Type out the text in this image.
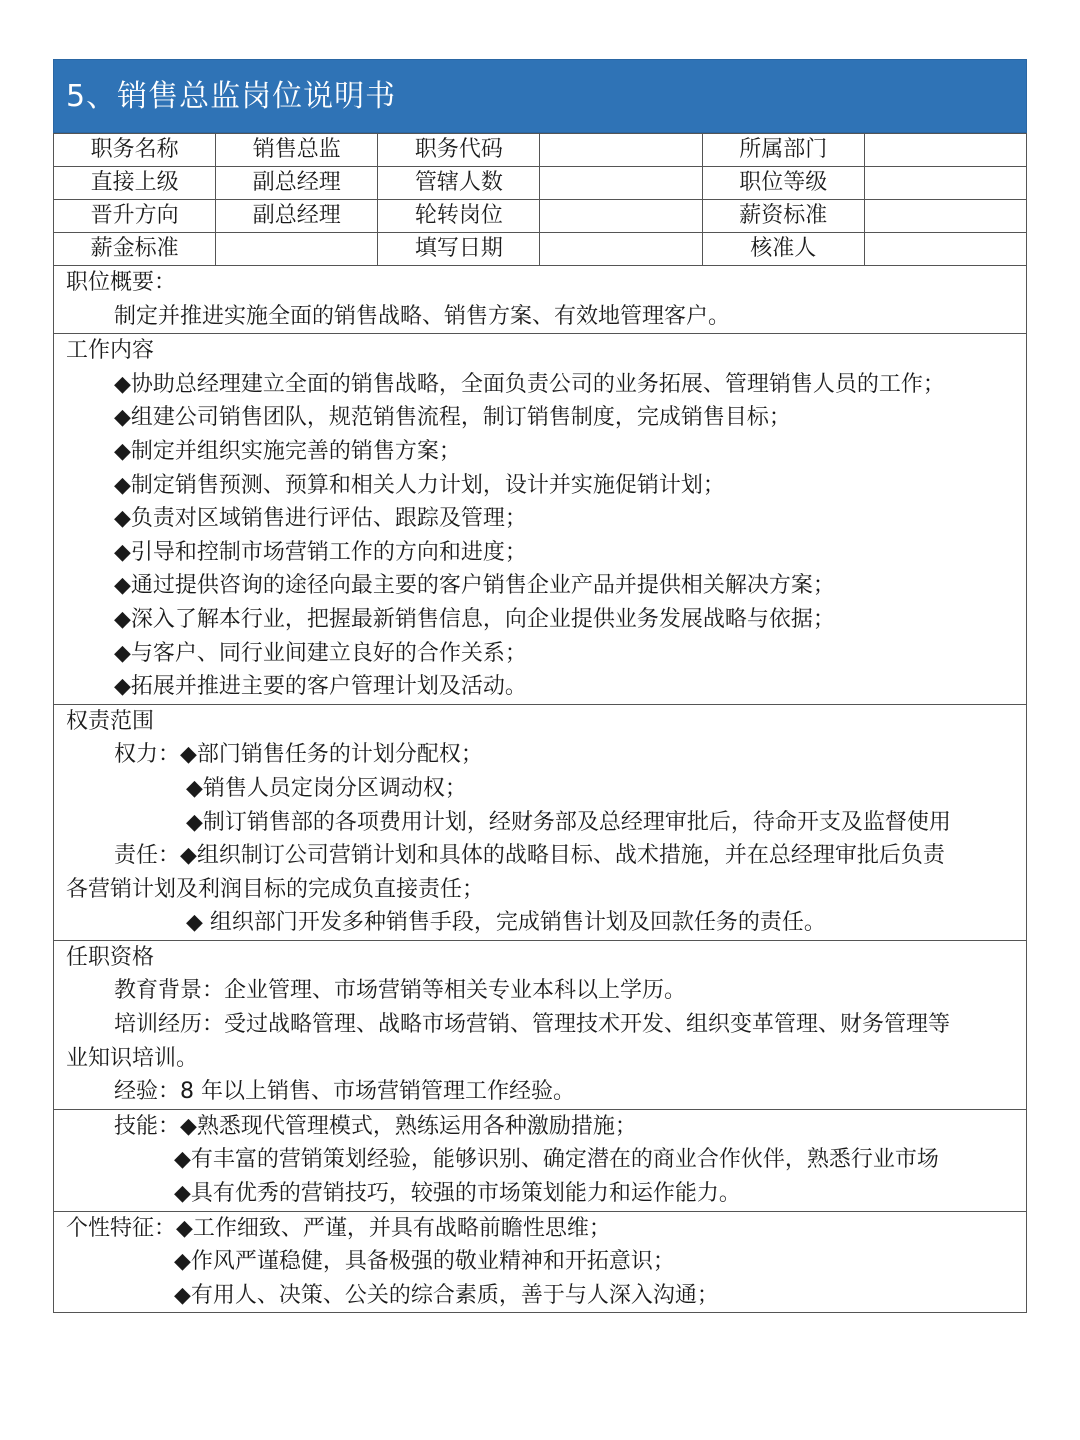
5、销售总监岗位说明书
职务名称	销售总监	职务代码		所属部门	
直接上级	副总经理	管辖人数		职位等级	
晋升方向	副总经理	轮转岗位		薪资标准	
薪金标准		填写日期		核准人	
职位概要：
制定并推进实施全面的销售战略、销售方案、有效地管理客户。
工作内容
◆协助总经理建立全面的销售战略，全面负责公司的业务拓展、管理销售人员的工作；
◆组建公司销售团队，规范销售流程，制订销售制度，完成销售目标；
◆制定并组织实施完善的销售方案；
◆制定销售预测、预算和相关人力计划，设计并实施促销计划；
◆负责对区域销售进行评估、跟踪及管理；
◆引导和控制市场营销工作的方向和进度；
◆通过提供咨询的途径向最主要的客户销售企业产品并提供相关解决方案；
◆深入了解本行业，把握最新销售信息，向企业提供业务发展战略与依据；
◆与客户、同行业间建立良好的合作关系；
◆拓展并推进主要的客户管理计划及活动。
权责范围
权力：◆部门销售任务的计划分配权；
◆销售人员定岗分区调动权；
◆制订销售部的各项费用计划，经财务部及总经理审批后，待命开支及监督使用
责任：◆组织制订公司营销计划和具体的战略目标、战术措施，并在总经理审批后负责
各营销计划及利润目标的完成负直接责任；
◆ 组织部门开发多种销售手段，完成销售计划及回款任务的责任。
任职资格
教育背景：企业管理、市场营销等相关专业本科以上学历。
培训经历：受过战略管理、战略市场营销、管理技术开发、组织变革管理、财务管理等
业知识培训。
经验：8 年以上销售、市场营销管理工作经验。
技能：◆熟悉现代管理模式，熟练运用各种激励措施；
◆有丰富的营销策划经验，能够识别、确定潜在的商业合作伙伴，熟悉行业市场
◆具有优秀的营销技巧，较强的市场策划能力和运作能力。
个性特征：◆工作细致、严谨，并具有战略前瞻性思维；
◆作风严谨稳健，具备极强的敬业精神和开拓意识；
◆有用人、决策、公关的综合素质，善于与人深入沟通；
